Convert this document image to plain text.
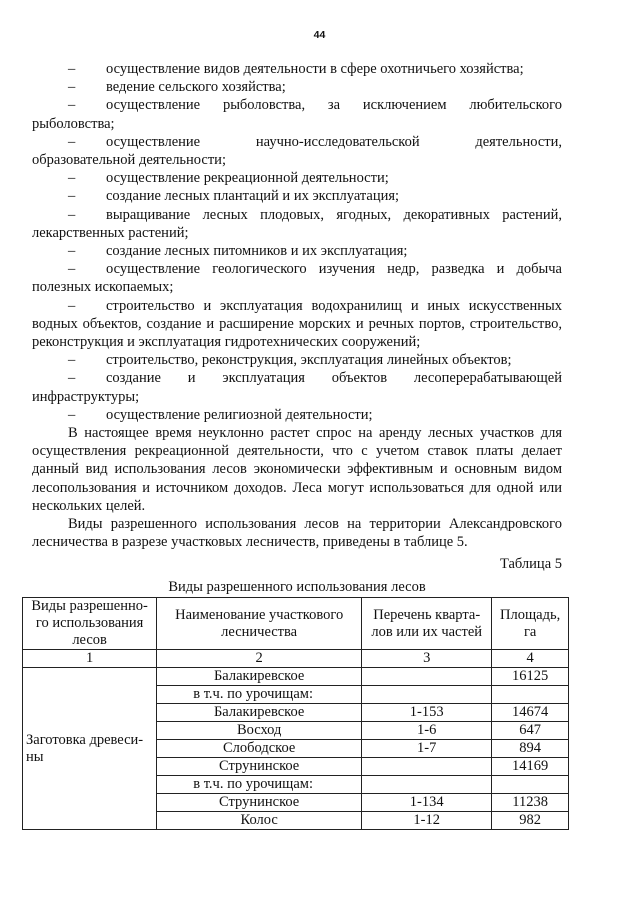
44

– осуществление видов деятельности в сфере охотничьего хозяйства;

– ведение сельского хозяйства;

– осуществление рыболовства, за исключением любительского рыболовства;

– осуществление научно-исследовательской деятельности, образовательной деятельности;

– осуществление рекреационной деятельности;

– создание лесных плантаций и их эксплуатация;

– выращивание лесных плодовых, ягодных, декоративных растений, лекарственных растений;

– создание лесных питомников и их эксплуатация;

– осуществление геологического изучения недр, разведка и добыча полезных ископаемых;

– строительство и эксплуатация водохранилищ и иных искусственных водных объектов, создание и расширение морских и речных портов, строительство, реконструкция и эксплуатация гидротехнических сооружений;

– строительство, реконструкция, эксплуатация линейных объектов;

– создание и эксплуатация объектов лесоперерабатывающей инфраструктуры;

– осуществление религиозной деятельности;

В настоящее время неуклонно растет спрос на аренду лесных участков для осуществления рекреационной деятельности, что с учетом ставок платы делает данный вид использования лесов экономически эффективным и основным видом лесопользования и источником доходов. Леса могут использоваться для одной или нескольких целей.

Виды разрешенного использования лесов на территории Александровского лесничества в разрезе участковых лесничеств, приведены в таблице 5.

Таблица 5

Виды разрешенного использования лесов

Виды разрешенно-го использования лесов	Наименование участкового лесничества	Перечень кварта-лов или их частей	Площадь, га
1	2	3	4
Заготовка древеси-ны	Балакиревское		16125
	в т.ч. по урочищам:		
	Балакиревское	1-153	14674
	Восход	1-6	647
	Слободское	1-7	894
	Струнинское		14169
	в т.ч. по урочищам:		
	Струнинское	1-134	11238
	Колос	1-12	982
